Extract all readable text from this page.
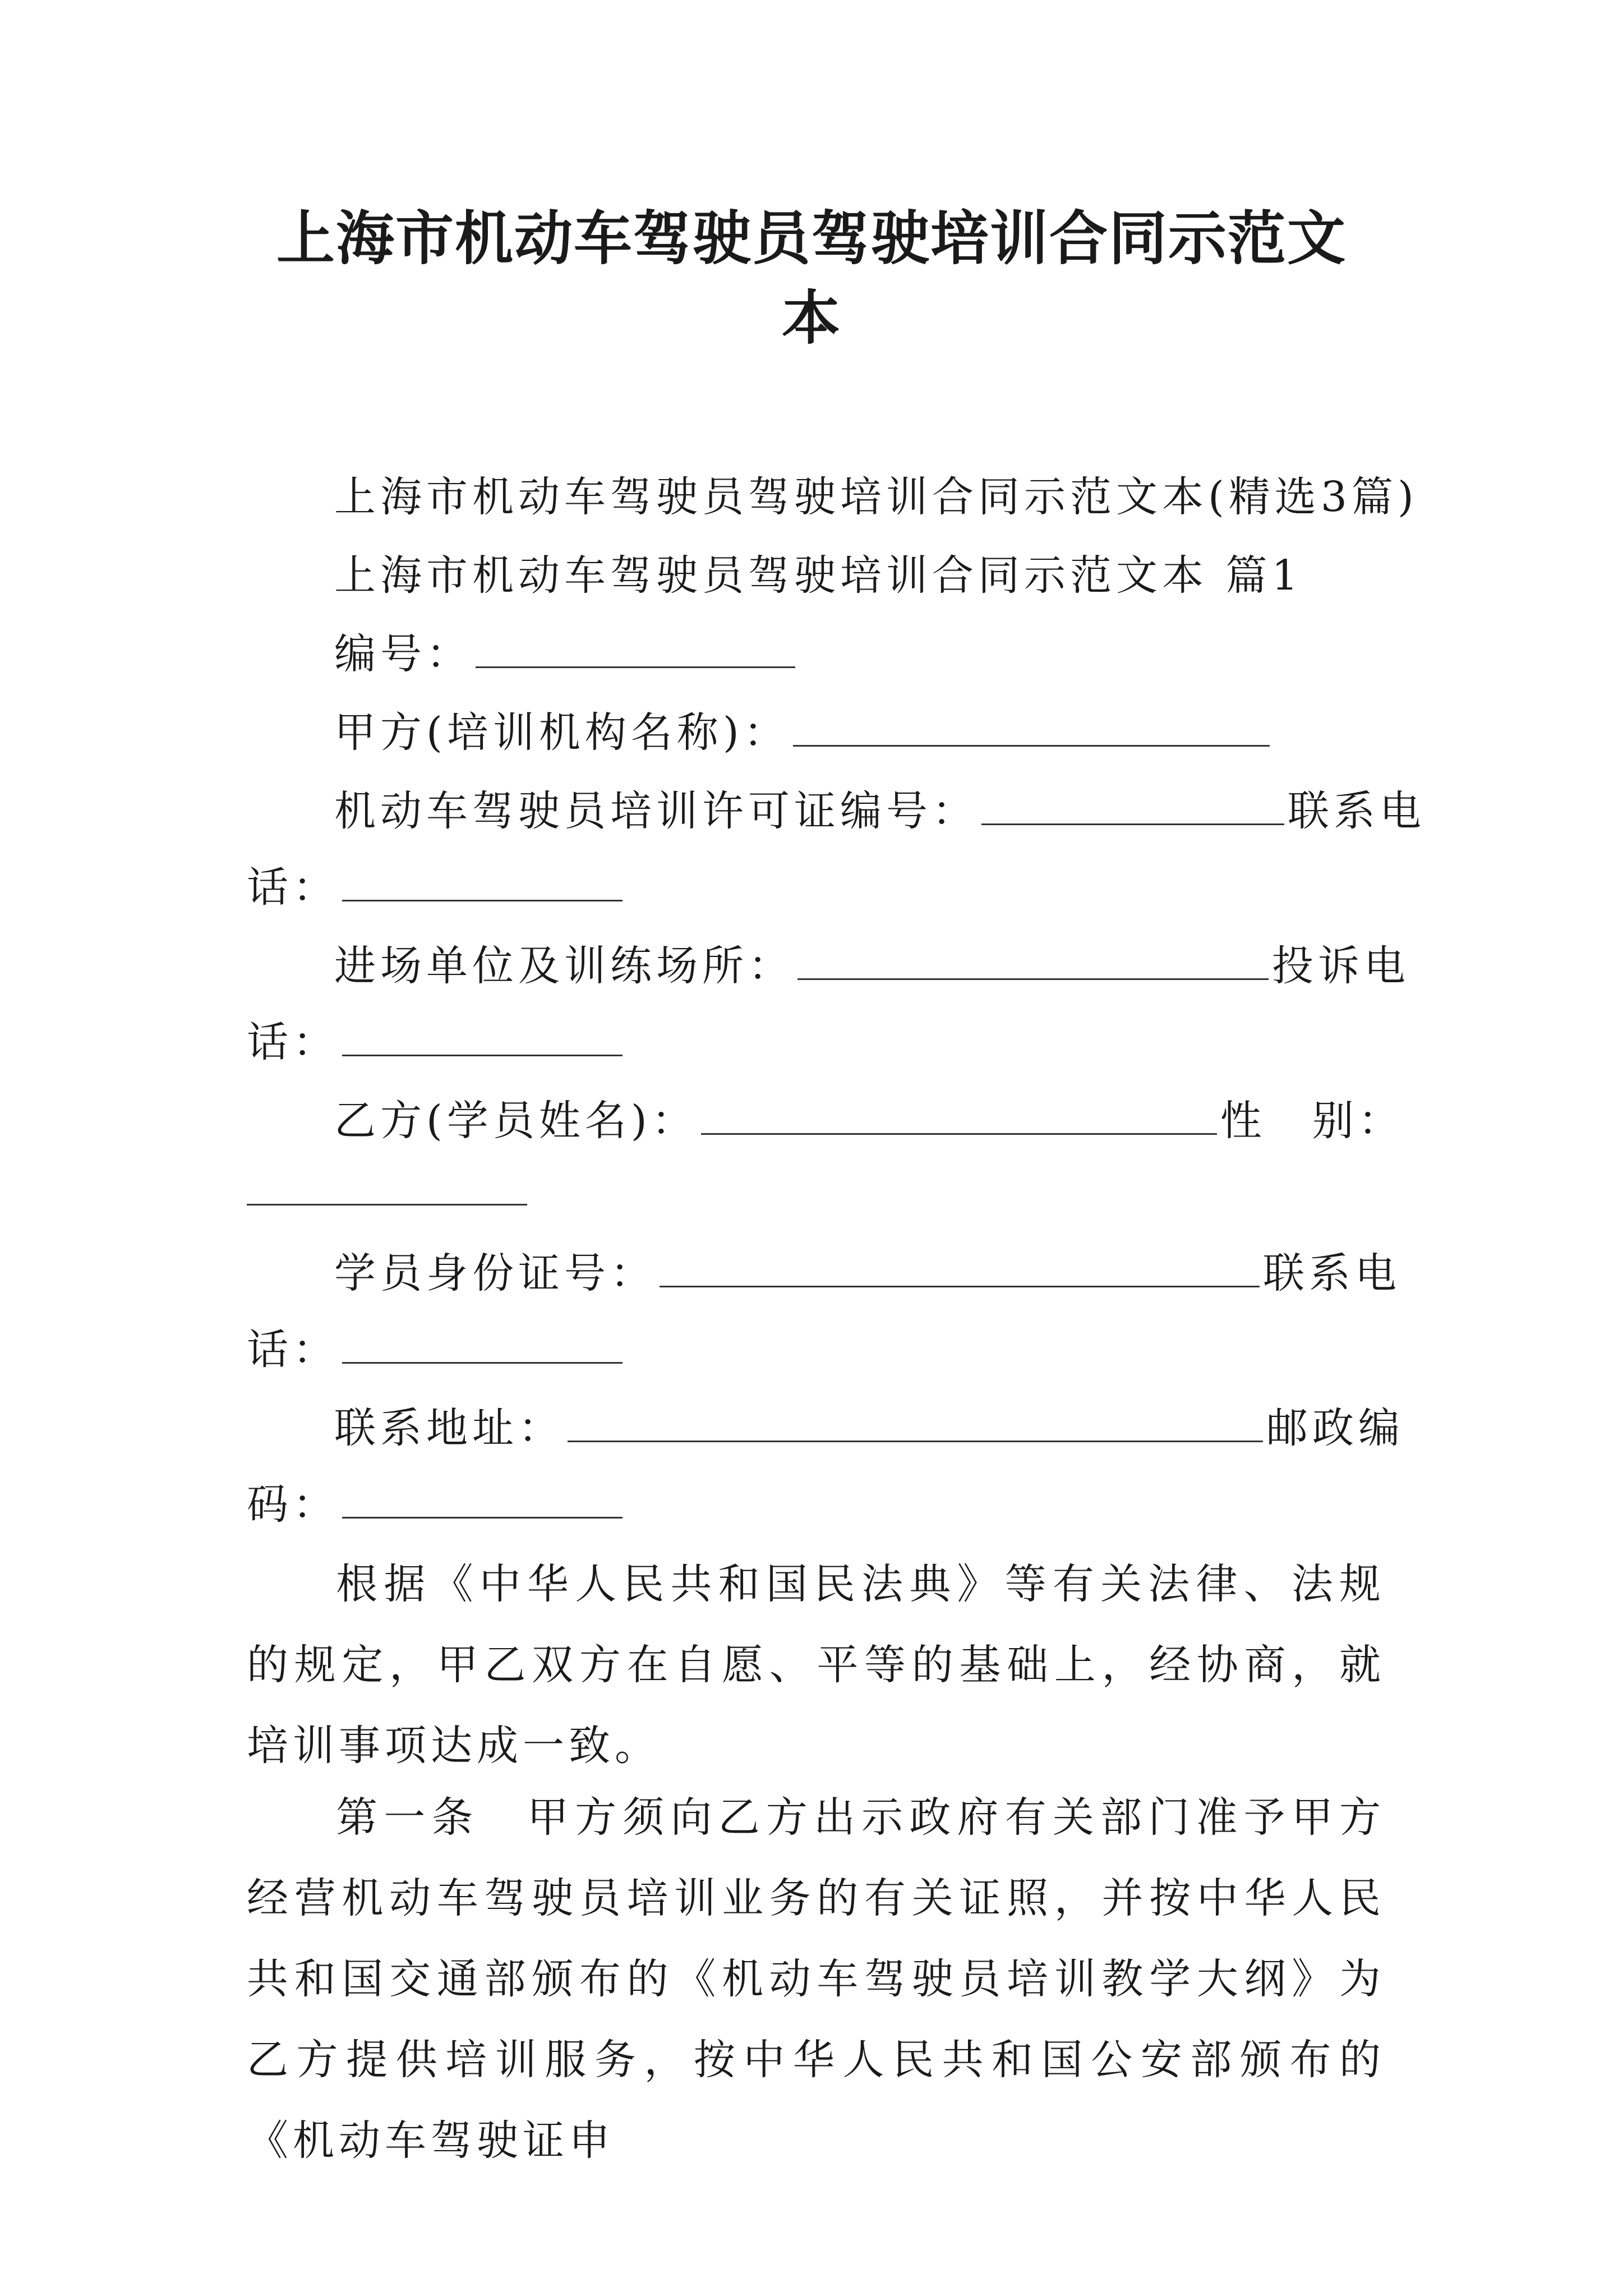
上海市机动车驾驶员驾驶培训合同示范文
本
上海市机动车驾驶员驾驶培训合同示范文本(精选3篇)
上海市机动车驾驶员驾驶培训合同示范文本 篇1
编号：
甲方(培训机构名称)：
机动车驾驶员培训许可证编号：	联系电
话：
进场单位及训练场所：	投诉电
话：
乙方(学员姓名)：	性　别：
学员身份证号：	联系电
话：
联系地址：	邮政编
码：
根据《中华人民共和国民法典》等有关法律、法规的规定，甲乙双方在自愿、平等的基础上，经协商，就培训事项达成一致。
第一条　甲方须向乙方出示政府有关部门准予甲方经营机动车驾驶员培训业务的有关证照，并按中华人民共和国交通部颁布的《机动车驾驶员培训教学大纲》为乙方提供培训服务，按中华人民共和国公安部颁布的《机动车驾驶证申
